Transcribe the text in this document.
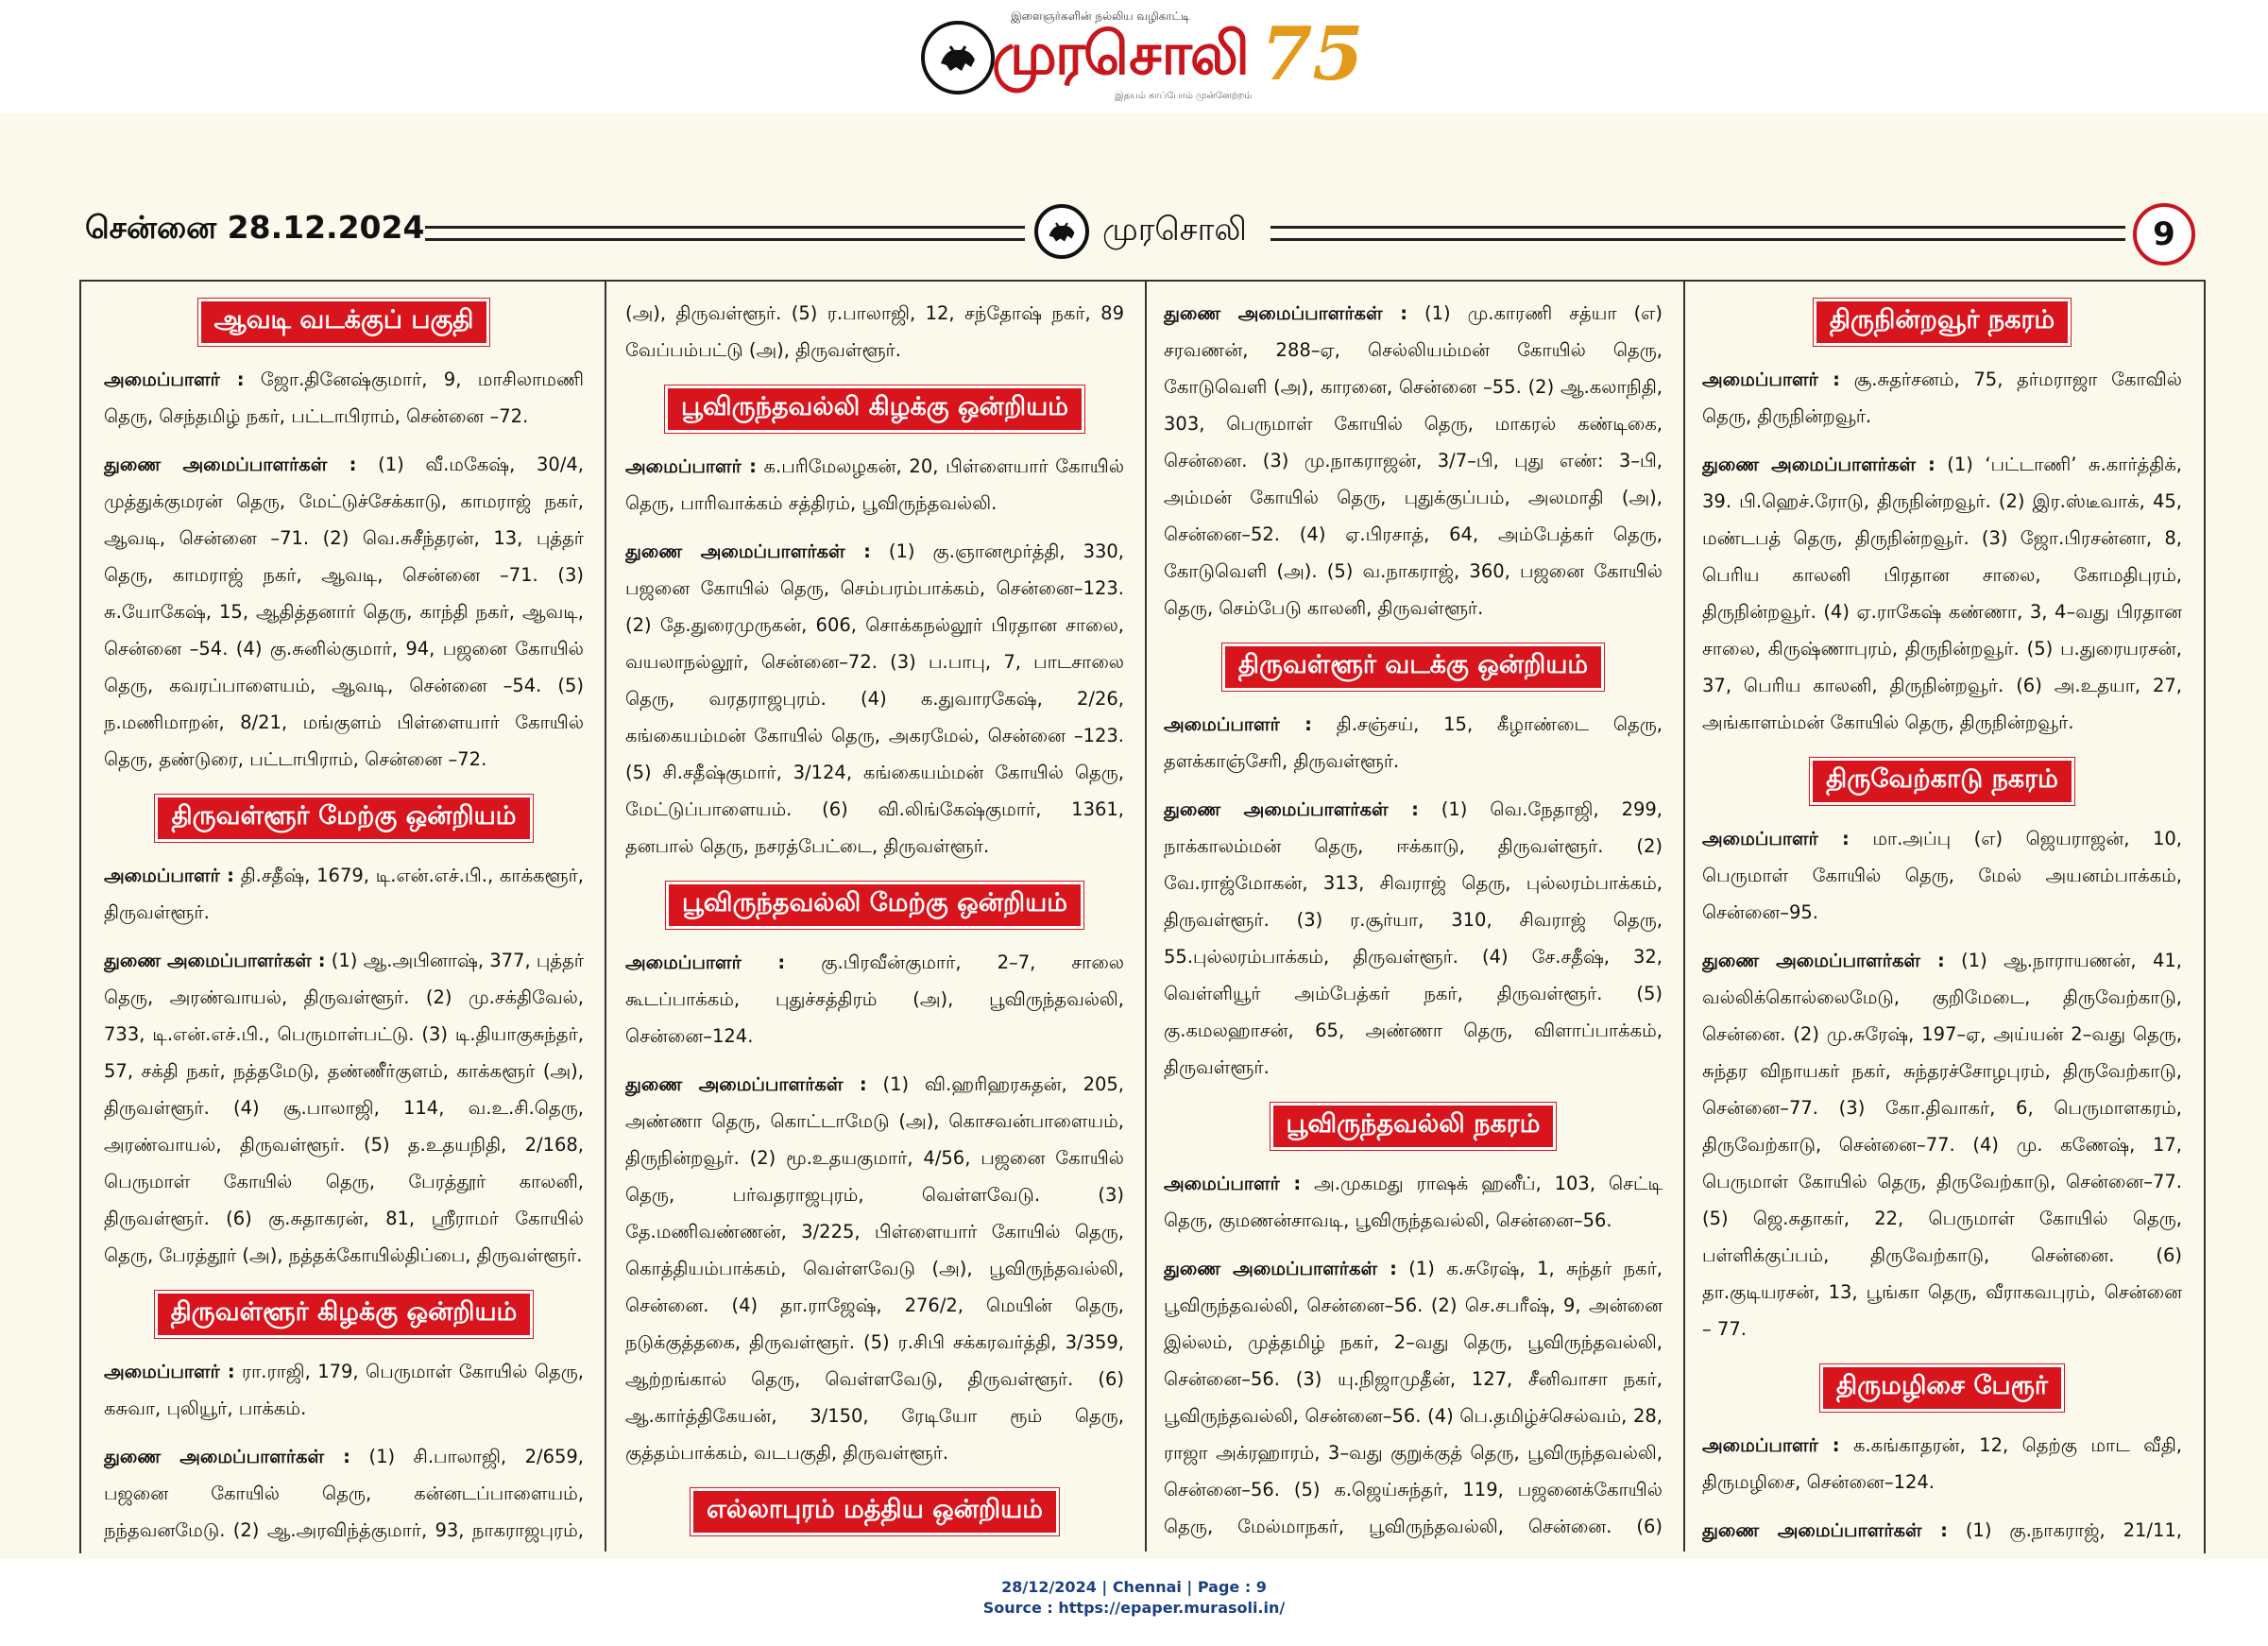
இளைஞர்களின் நல்லிய வழிகாட்டி
முரசொலி
இதயம் காப்போம் முன்னேற்றம் 75
சென்னை 28.12.2024	முரசொலி	9
ஆவடி வடக்குப் பகுதி

அமைப்பாளர் : ஜோ.தினேஷ்குமார், 9, மாசிலாமணி தெரு, செந்தமிழ் நகர், பட்டாபிராம், சென்னை –72.

துணை அமைப்பாளர்கள் : (1) வீ.மகேஷ், 30/4, முத்துக்குமரன் தெரு, மேட்டுச்சேக்காடு, காமராஜ் நகர், ஆவடி, சென்னை –71. (2) வெ.சுசீந்தரன், 13, புத்தர் தெரு, காமராஜ் நகர், ஆவடி, சென்னை –71. (3) சு.யோகேஷ், 15, ஆதித்தனார் தெரு, காந்தி நகர், ஆவடி, சென்னை –54. (4) கு.சுனில்குமார், 94, பஜனை கோயில் தெரு, கவரப்பாளையம், ஆவடி, சென்னை –54. (5) ந.மணிமாறன், 8/21, மங்குளம் பிள்ளையார் கோயில் தெரு, தண்டுரை, பட்டாபிராம், சென்னை –72.

திருவள்ளூர் மேற்கு ஒன்றியம்

அமைப்பாளர் : தி.சதீஷ், 1679, டி.என்.எச்.பி., காக்களூர், திருவள்ளூர்.

துணை அமைப்பாளர்கள் : (1) ஆ.அபினாஷ், 377, புத்தர் தெரு, அரண்வாயல், திருவள்ளூர். (2) மு.சக்திவேல், 733, டி.என்.எச்.பி., பெருமாள்பட்டு. (3) டி.தியாகுசுந்தர், 57, சக்தி நகர், நத்தமேடு, தண்ணீர்குளம், காக்களூர் (அ), திருவள்ளூர். (4) சூ.பாலாஜி, 114, வ.உ.சி.தெரு, அரண்வாயல், திருவள்ளூர். (5) த.உதயநிதி, 2/168, பெருமாள் கோயில் தெரு, பேரத்தூர் காலனி, திருவள்ளூர். (6) கு.சுதாகரன், 81, ஸ்ரீராமர் கோயில் தெரு, பேரத்தூர் (அ), நத்தக்கோயில்திப்பை, திருவள்ளூர்.

திருவள்ளூர் கிழக்கு ஒன்றியம்

அமைப்பாளர் : ரா.ராஜி, 179, பெருமாள் கோயில் தெரு, கசுவா, புலியூர், பாக்கம்.

துணை அமைப்பாளர்கள் : (1) சி.பாலாஜி, 2/659, பஜனை கோயில் தெரு, கன்னடப்பாளையம், நந்தவனமேடு. (2) ஆ.அரவிந்த்குமார், 93, நாகராஜபுரம்,

(அ), திருவள்ளூர். (5) ர.பாலாஜி, 12, சந்தோஷ் நகர், 89 வேப்பம்பட்டு (அ), திருவள்ளூர்.

பூவிருந்தவல்லி கிழக்கு ஒன்றியம்

அமைப்பாளர் : க.பரிமேலழகன், 20, பிள்ளையார் கோயில் தெரு, பாரிவாக்கம் சத்திரம், பூவிருந்தவல்லி.

துணை அமைப்பாளர்கள் : (1) கு.ஞானமூர்த்தி, 330, பஜனை கோயில் தெரு, செம்பரம்பாக்கம், சென்னை–123. (2) தே.துரைமுருகன், 606, சொக்கநல்லூர் பிரதான சாலை, வயலாநல்லூர், சென்னை–72. (3) ப.பாபு, 7, பாடசாலை தெரு, வரதராஜபுரம். (4) க.துவாரகேஷ், 2/26, கங்கையம்மன் கோயில் தெரு, அகரமேல், சென்னை –123. (5) சி.சதீஷ்குமார், 3/124, கங்கையம்மன் கோயில் தெரு, மேட்டுப்பாளையம். (6) வி.லிங்கேஷ்குமார், 1361, தனபால் தெரு, நசரத்பேட்டை, திருவள்ளூர்.

பூவிருந்தவல்லி மேற்கு ஒன்றியம்

அமைப்பாளர் : கு.பிரவீன்குமார், 2–7, சாலை கூடப்பாக்கம், புதுச்சத்திரம் (அ), பூவிருந்தவல்லி, சென்னை–124.

துணை அமைப்பாளர்கள் : (1) வி.ஹரிஹரசுதன், 205, அண்ணா தெரு, கொட்டாமேடு (அ), கொசவன்பாளையம், திருநின்றவூர். (2) மூ.உதயகுமார், 4/56, பஜனை கோயில் தெரு, பர்வதராஜபுரம், வெள்ளவேடு. (3) தே.மணிவண்ணன், 3/225, பிள்ளையார் கோயில் தெரு, கொத்தியம்பாக்கம், வெள்ளவேடு (அ), பூவிருந்தவல்லி, சென்னை. (4) தா.ராஜேஷ், 276/2, மெயின் தெரு, நடுக்குத்தகை, திருவள்ளூர். (5) ர.சிபி சக்கரவர்த்தி, 3/359, ஆற்றங்கால் தெரு, வெள்ளவேடு, திருவள்ளூர். (6) ஆ.கார்த்திகேயன், 3/150, ரேடியோ ரூம் தெரு, குத்தம்பாக்கம், வடபகுதி, திருவள்ளூர்.

எல்லாபுரம் மத்திய ஒன்றியம்

துணை அமைப்பாளர்கள் : (1) மு.காரணி சத்யா (எ) சரவணன், 288–ஏ, செல்லியம்மன் கோயில் தெரு, கோடுவெளி (அ), காரனை, சென்னை –55. (2) ஆ.கலாநிதி, 303, பெருமாள் கோயில் தெரு, மாகரல் கண்டிகை, சென்னை. (3) மு.நாகராஜன், 3/7–பி, புது எண்: 3–பி, அம்மன் கோயில் தெரு, புதுக்குப்பம், அலமாதி (அ), சென்னை–52. (4) ஏ.பிரசாத், 64, அம்பேத்கர் தெரு, கோடுவெளி (அ). (5) வ.நாகராஜ், 360, பஜனை கோயில் தெரு, செம்பேடு காலனி, திருவள்ளூர்.

திருவள்ளூர் வடக்கு ஒன்றியம்

அமைப்பாளர் : தி.சஞ்சய், 15, கீழாண்டை தெரு, தளக்காஞ்சேரி, திருவள்ளூர்.

துணை அமைப்பாளர்கள் : (1) வெ.நேதாஜி, 299, நாக்காலம்மன் தெரு, ஈக்காடு, திருவள்ளூர். (2) வே.ராஜ்மோகன், 313, சிவராஜ் தெரு, புல்லரம்பாக்கம், திருவள்ளூர். (3) ர.சூர்யா, 310, சிவராஜ் தெரு, 55.புல்லரம்பாக்கம், திருவள்ளூர். (4) சே.சதீஷ், 32, வெள்ளியூர் அம்பேத்கர் நகர், திருவள்ளூர். (5) கு.கமலஹாசன், 65, அண்ணா தெரு, விளாப்பாக்கம், திருவள்ளூர்.

பூவிருந்தவல்லி நகரம்

அமைப்பாளர் : அ.முகமது ராஷக் ஹனீப், 103, செட்டி தெரு, குமணன்சாவடி, பூவிருந்தவல்லி, சென்னை–56.

துணை அமைப்பாளர்கள் : (1) க.சுரேஷ், 1, சுந்தர் நகர், பூவிருந்தவல்லி, சென்னை–56. (2) செ.சபரீஷ், 9, அன்னை இல்லம், முத்தமிழ் நகர், 2–வது தெரு, பூவிருந்தவல்லி, சென்னை–56. (3) யு.நிஜாமுதீன், 127, சீனிவாசா நகர், பூவிருந்தவல்லி, சென்னை–56. (4) பெ.தமிழ்ச்செல்வம், 28, ராஜா அக்ரஹாரம், 3–வது குறுக்குத் தெரு, பூவிருந்தவல்லி, சென்னை–56. (5) க.ஜெய்சுந்தர், 119, பஜனைக்கோயில் தெரு, மேல்மாநகர், பூவிருந்தவல்லி, சென்னை. (6)

திருநின்றவூர் நகரம்

அமைப்பாளர் : சூ.சுதர்சனம், 75, தர்மராஜா கோவில் தெரு, திருநின்றவூர்.

துணை அமைப்பாளர்கள் : (1) ‘பட்டாணி’ சு.கார்த்திக், 39. பி.ஹெச்.ரோடு, திருநின்றவூர். (2) இர.ஸ்டீவாக், 45, மண்டபத் தெரு, திருநின்றவூர். (3) ஜோ.பிரசன்னா, 8, பெரிய காலனி பிரதான சாலை, கோமதிபுரம், திருநின்றவூர். (4) ஏ.ராகேஷ் கண்ணா, 3, 4–வது பிரதான சாலை, கிருஷ்ணாபுரம், திருநின்றவூர். (5) ப.துரையரசன், 37, பெரிய காலனி, திருநின்றவூர். (6) அ.உதயா, 27, அங்காளம்மன் கோயில் தெரு, திருநின்றவூர்.

திருவேற்காடு நகரம்

அமைப்பாளர் : மா.அப்பு (எ) ஜெயராஜன், 10, பெருமாள் கோயில் தெரு, மேல் அயனம்பாக்கம், சென்னை–95.

துணை அமைப்பாளர்கள் : (1) ஆ.நாராயணன், 41, வல்லிக்கொல்லைமேடு, குறிமேடை, திருவேற்காடு, சென்னை. (2) மு.சுரேஷ், 197–ஏ, அய்யன் 2–வது தெரு, சுந்தர விநாயகர் நகர், சுந்தரச்சோழபுரம், திருவேற்காடு, சென்னை–77. (3) கோ.திவாகர், 6, பெருமாளகரம், திருவேற்காடு, சென்னை–77. (4) மு. கணேஷ், 17, பெருமாள் கோயில் தெரு, திருவேற்காடு, சென்னை–77. (5) ஜெ.சுதாகர், 22, பெருமாள் கோயில் தெரு, பள்ளிக்குப்பம், திருவேற்காடு, சென்னை. (6) தா.குடியரசன், 13, பூங்கா தெரு, வீராகவபுரம், சென்னை – 77.

திருமழிசை பேரூர்

அமைப்பாளர் : க.கங்காதரன், 12, தெற்கு மாட வீதி, திருமழிசை, சென்னை–124.

துணை அமைப்பாளர்கள் : (1) கு.நாகராஜ், 21/11,

28/12/2024 | Chennai | Page : 9
Source : https://epaper.murasoli.in/
